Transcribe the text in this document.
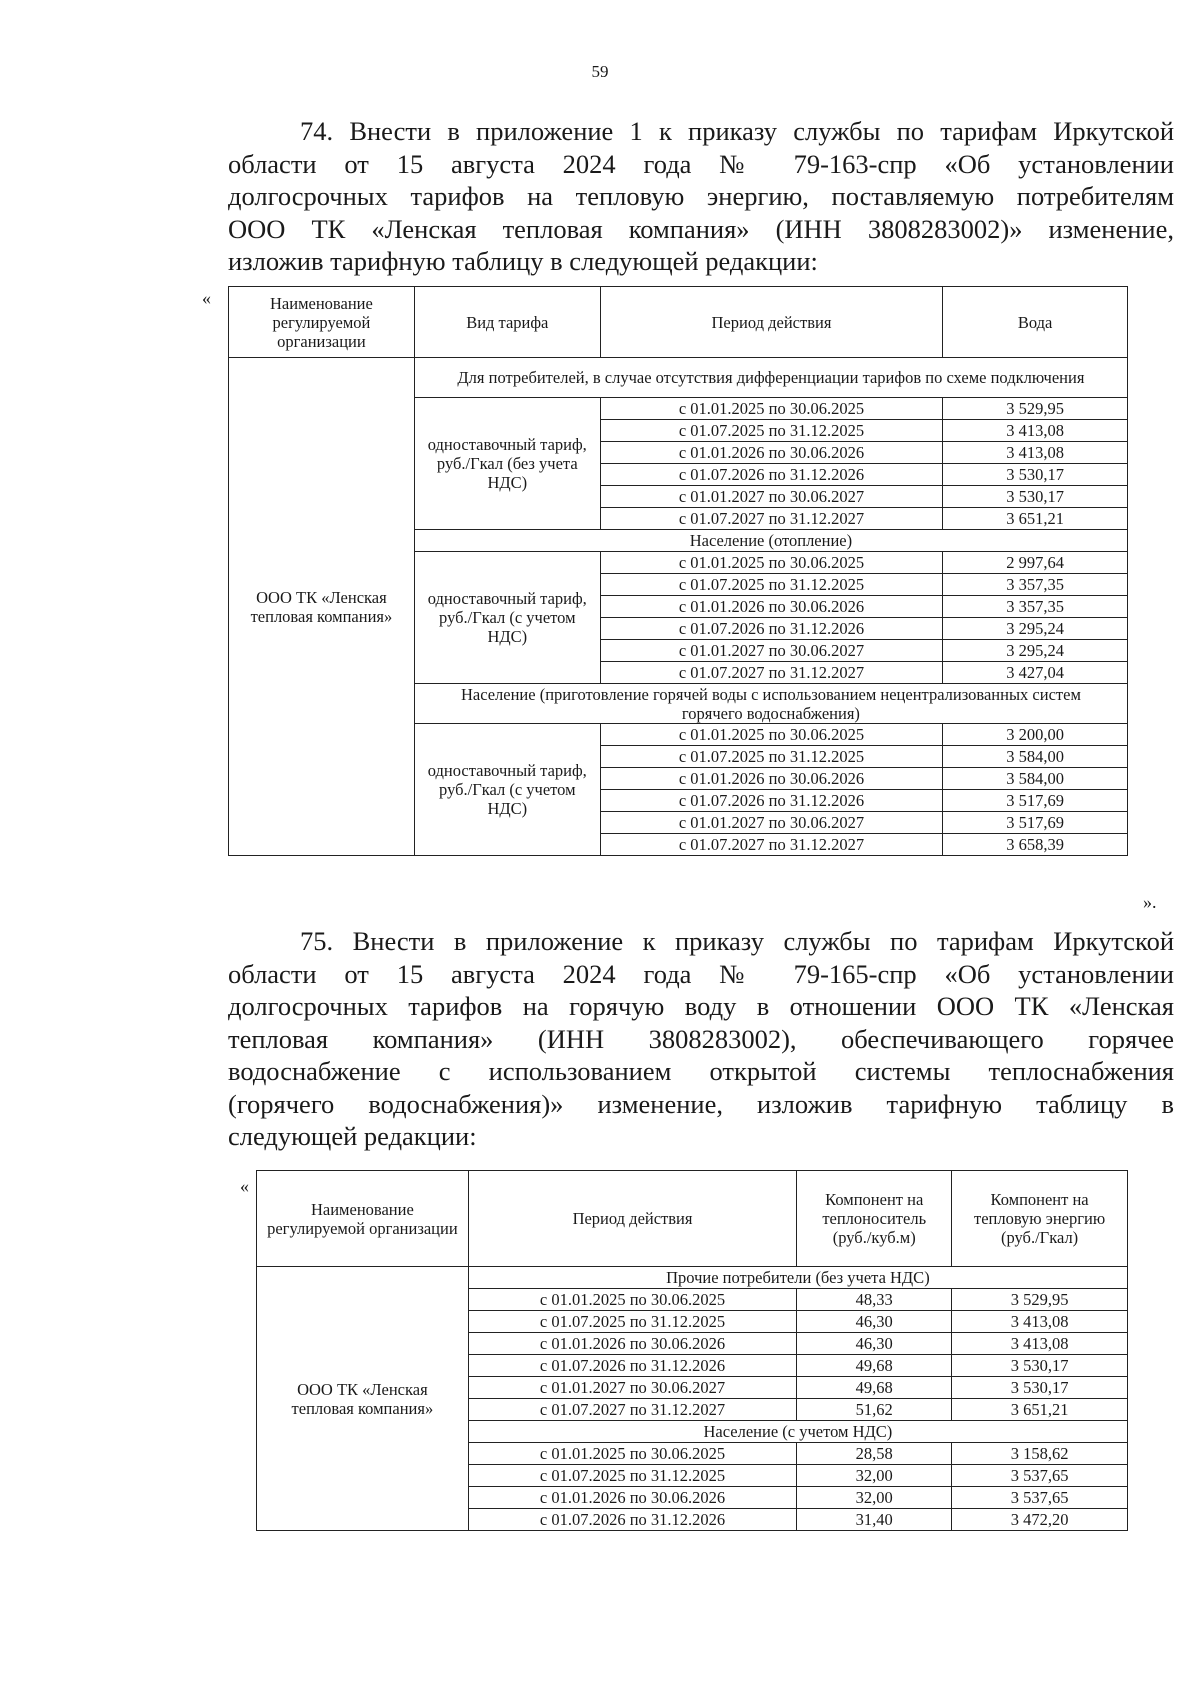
59
74. Внести в приложение 1 к приказу службы по тарифам Иркутской
области от 15 августа 2024 года № 79-163-спр «Об установлении
долгосрочных тарифов на тепловую энергию, поставляемую потребителям
ООО ТК «Ленская тепловая компания» (ИНН 3808283002)» изменение,
изложив тарифную таблицу в следующей редакции:
«	Наименование регулируемой организации	Вид тарифа	Период действия	Вода
ООО ТК «Ленская тепловая компания»	Для потребителей, в случае отсутствия дифференциации тарифов по схеме подключения		
	одноставочный тариф, руб./Гкал (без учета НДС)	с 01.01.2025 по 30.06.2025	3 529,95
		с 01.07.2025 по 31.12.2025	3 413,08
		с 01.01.2026 по 30.06.2026	3 413,08
		с 01.07.2026 по 31.12.2026	3 530,17
		с 01.01.2027 по 30.06.2027	3 530,17
		с 01.07.2027 по 31.12.2027	3 651,21
	Население (отопление)		
	одноставочный тариф, руб./Гкал (с учетом НДС)	с 01.01.2025 по 30.06.2025	2 997,64
		с 01.07.2025 по 31.12.2025	3 357,35
		с 01.01.2026 по 30.06.2026	3 357,35
		с 01.07.2026 по 31.12.2026	3 295,24
		с 01.01.2027 по 30.06.2027	3 295,24
		с 01.07.2027 по 31.12.2027	3 427,04
	Население (приготовление горячей воды с использованием нецентрализованных систем горячего водоснабжения)		
	одноставочный тариф, руб./Гкал (с учетом НДС)	с 01.01.2025 по 30.06.2025	3 200,00
		с 01.07.2025 по 31.12.2025	3 584,00
		с 01.01.2026 по 30.06.2026	3 584,00
		с 01.07.2026 по 31.12.2026	3 517,69
		с 01.01.2027 по 30.06.2027	3 517,69
		с 01.07.2027 по 31.12.2027	3 658,39
».
75. Внести в приложение к приказу службы по тарифам Иркутской
области от 15 августа 2024 года № 79-165-спр «Об установлении
долгосрочных тарифов на горячую воду в отношении ООО ТК «Ленская
тепловая компания» (ИНН 3808283002), обеспечивающего горячее
водоснабжение с использованием открытой системы теплоснабжения
(горячего водоснабжения)» изменение, изложив тарифную таблицу в
следующей редакции:
«
Наименование регулируемой организации	Период действия	Компонент на теплоноситель (руб./куб.м)	Компонент на тепловую энергию (руб./Гкал)
ООО ТК «Ленская тепловая компания»	Прочие потребители (без учета НДС)		
	с 01.01.2025 по 30.06.2025	48,33	3 529,95
	с 01.07.2025 по 31.12.2025	46,30	3 413,08
	с 01.01.2026 по 30.06.2026	46,30	3 413,08
	с 01.07.2026 по 31.12.2026	49,68	3 530,17
	с 01.01.2027 по 30.06.2027	49,68	3 530,17
	с 01.07.2027 по 31.12.2027	51,62	3 651,21
	Население (с учетом НДС)		
	с 01.01.2025 по 30.06.2025	28,58	3 158,62
	с 01.07.2025 по 31.12.2025	32,00	3 537,65
	с 01.01.2026 по 30.06.2026	32,00	3 537,65
	с 01.07.2026 по 31.12.2026	31,40	3 472,20
